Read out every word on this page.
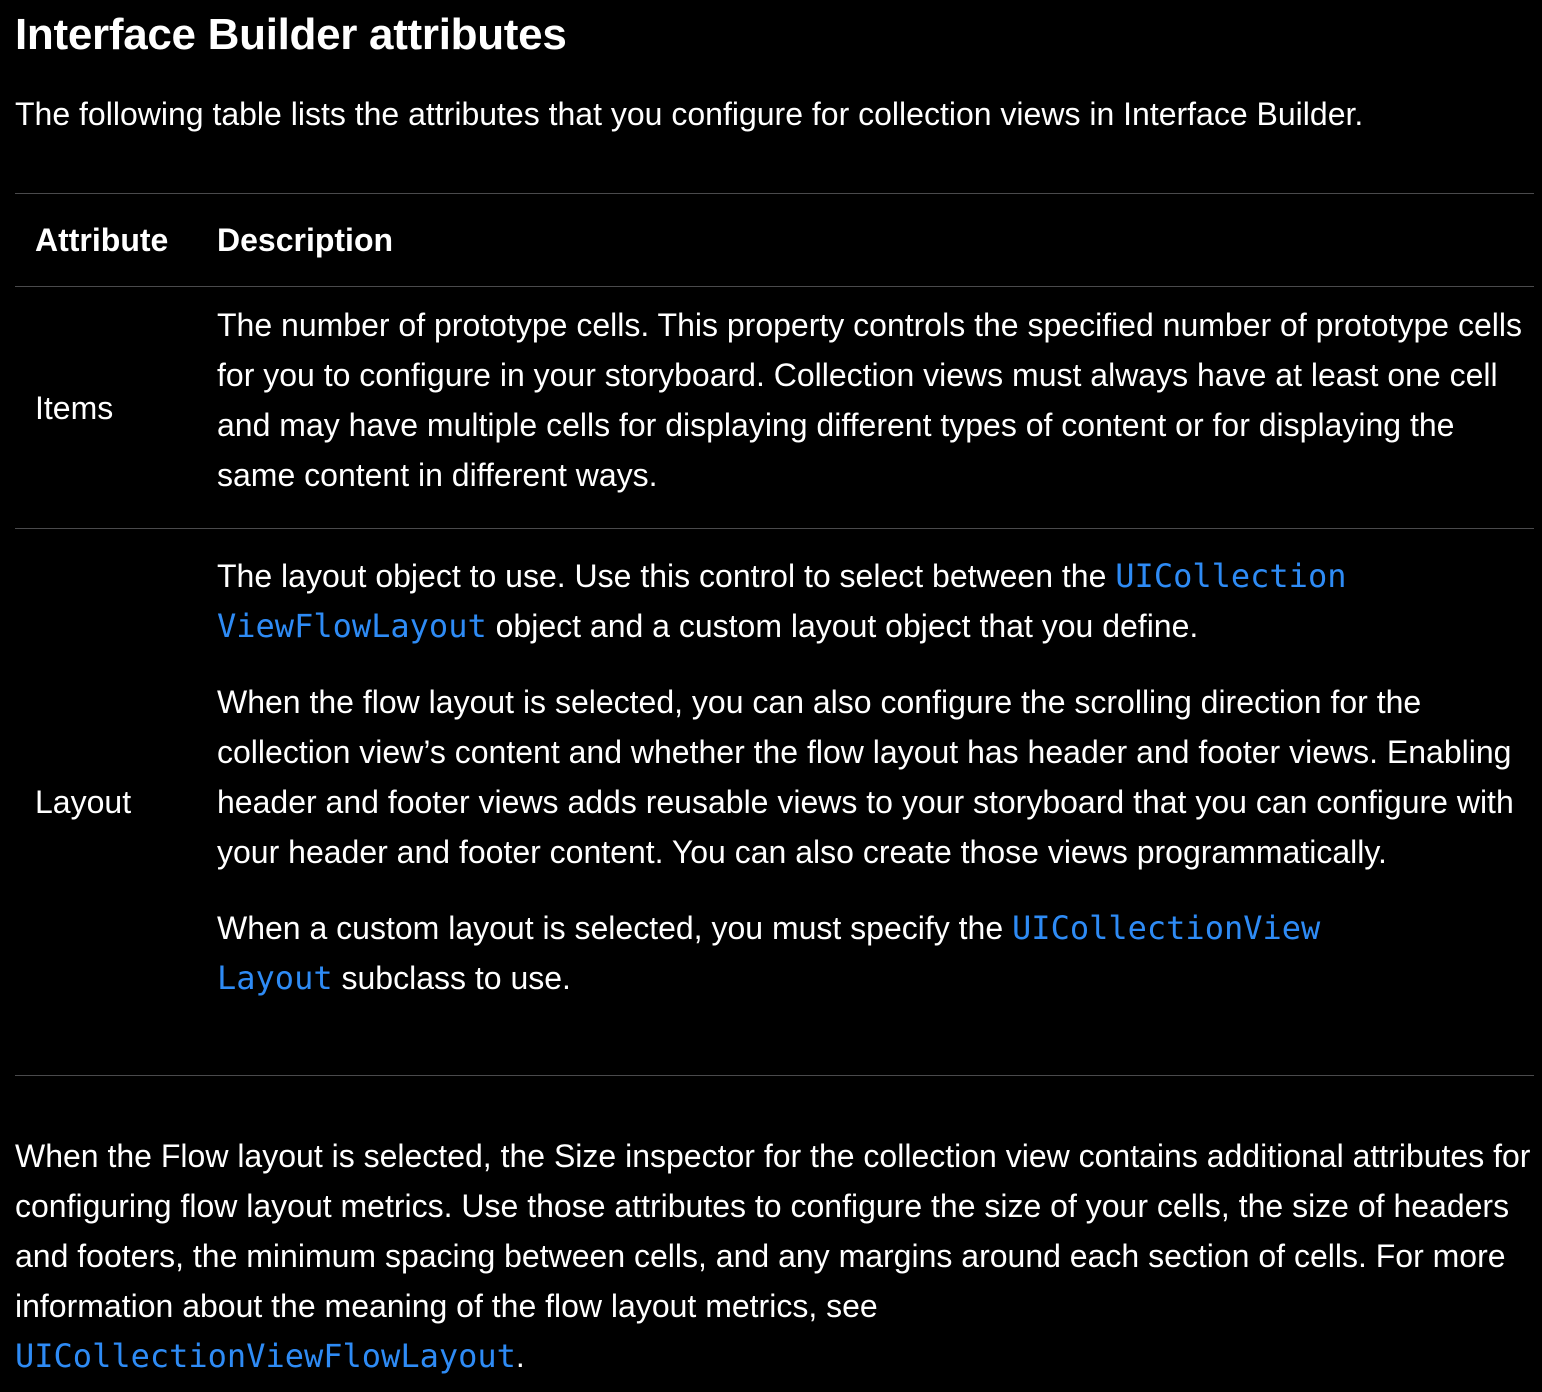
Interface Builder attributes

The following table lists the attributes that you configure for collection views in Interface Builder.

Attribute	Description
Items

The number of prototype cells. This property controls the specified number of prototype cells for you to configure in your storyboard. Collection views must always have at least one cell and may have multiple cells for displaying different types of content or for displaying the same content in different ways.

Layout

The layout object to use. Use this control to select between the UICollection
ViewFlowLayout object and a custom layout object that you define.

When the flow layout is selected, you can also configure the scrolling direction for the collection view’s content and whether the flow layout has header and footer views. Enabling header and footer views adds reusable views to your storyboard that you can configure with your header and footer content. You can also create those views programmatically.

When a custom layout is selected, you must specify the UICollectionView
Layout subclass to use.

When the Flow layout is selected, the Size inspector for the collection view contains additional attributes for configuring flow layout metrics. Use those attributes to configure the size of your cells, the size of headers and footers, the minimum spacing between cells, and any margins around each section of cells. For more information about the meaning of the flow layout metrics, see
UICollectionViewFlowLayout.
